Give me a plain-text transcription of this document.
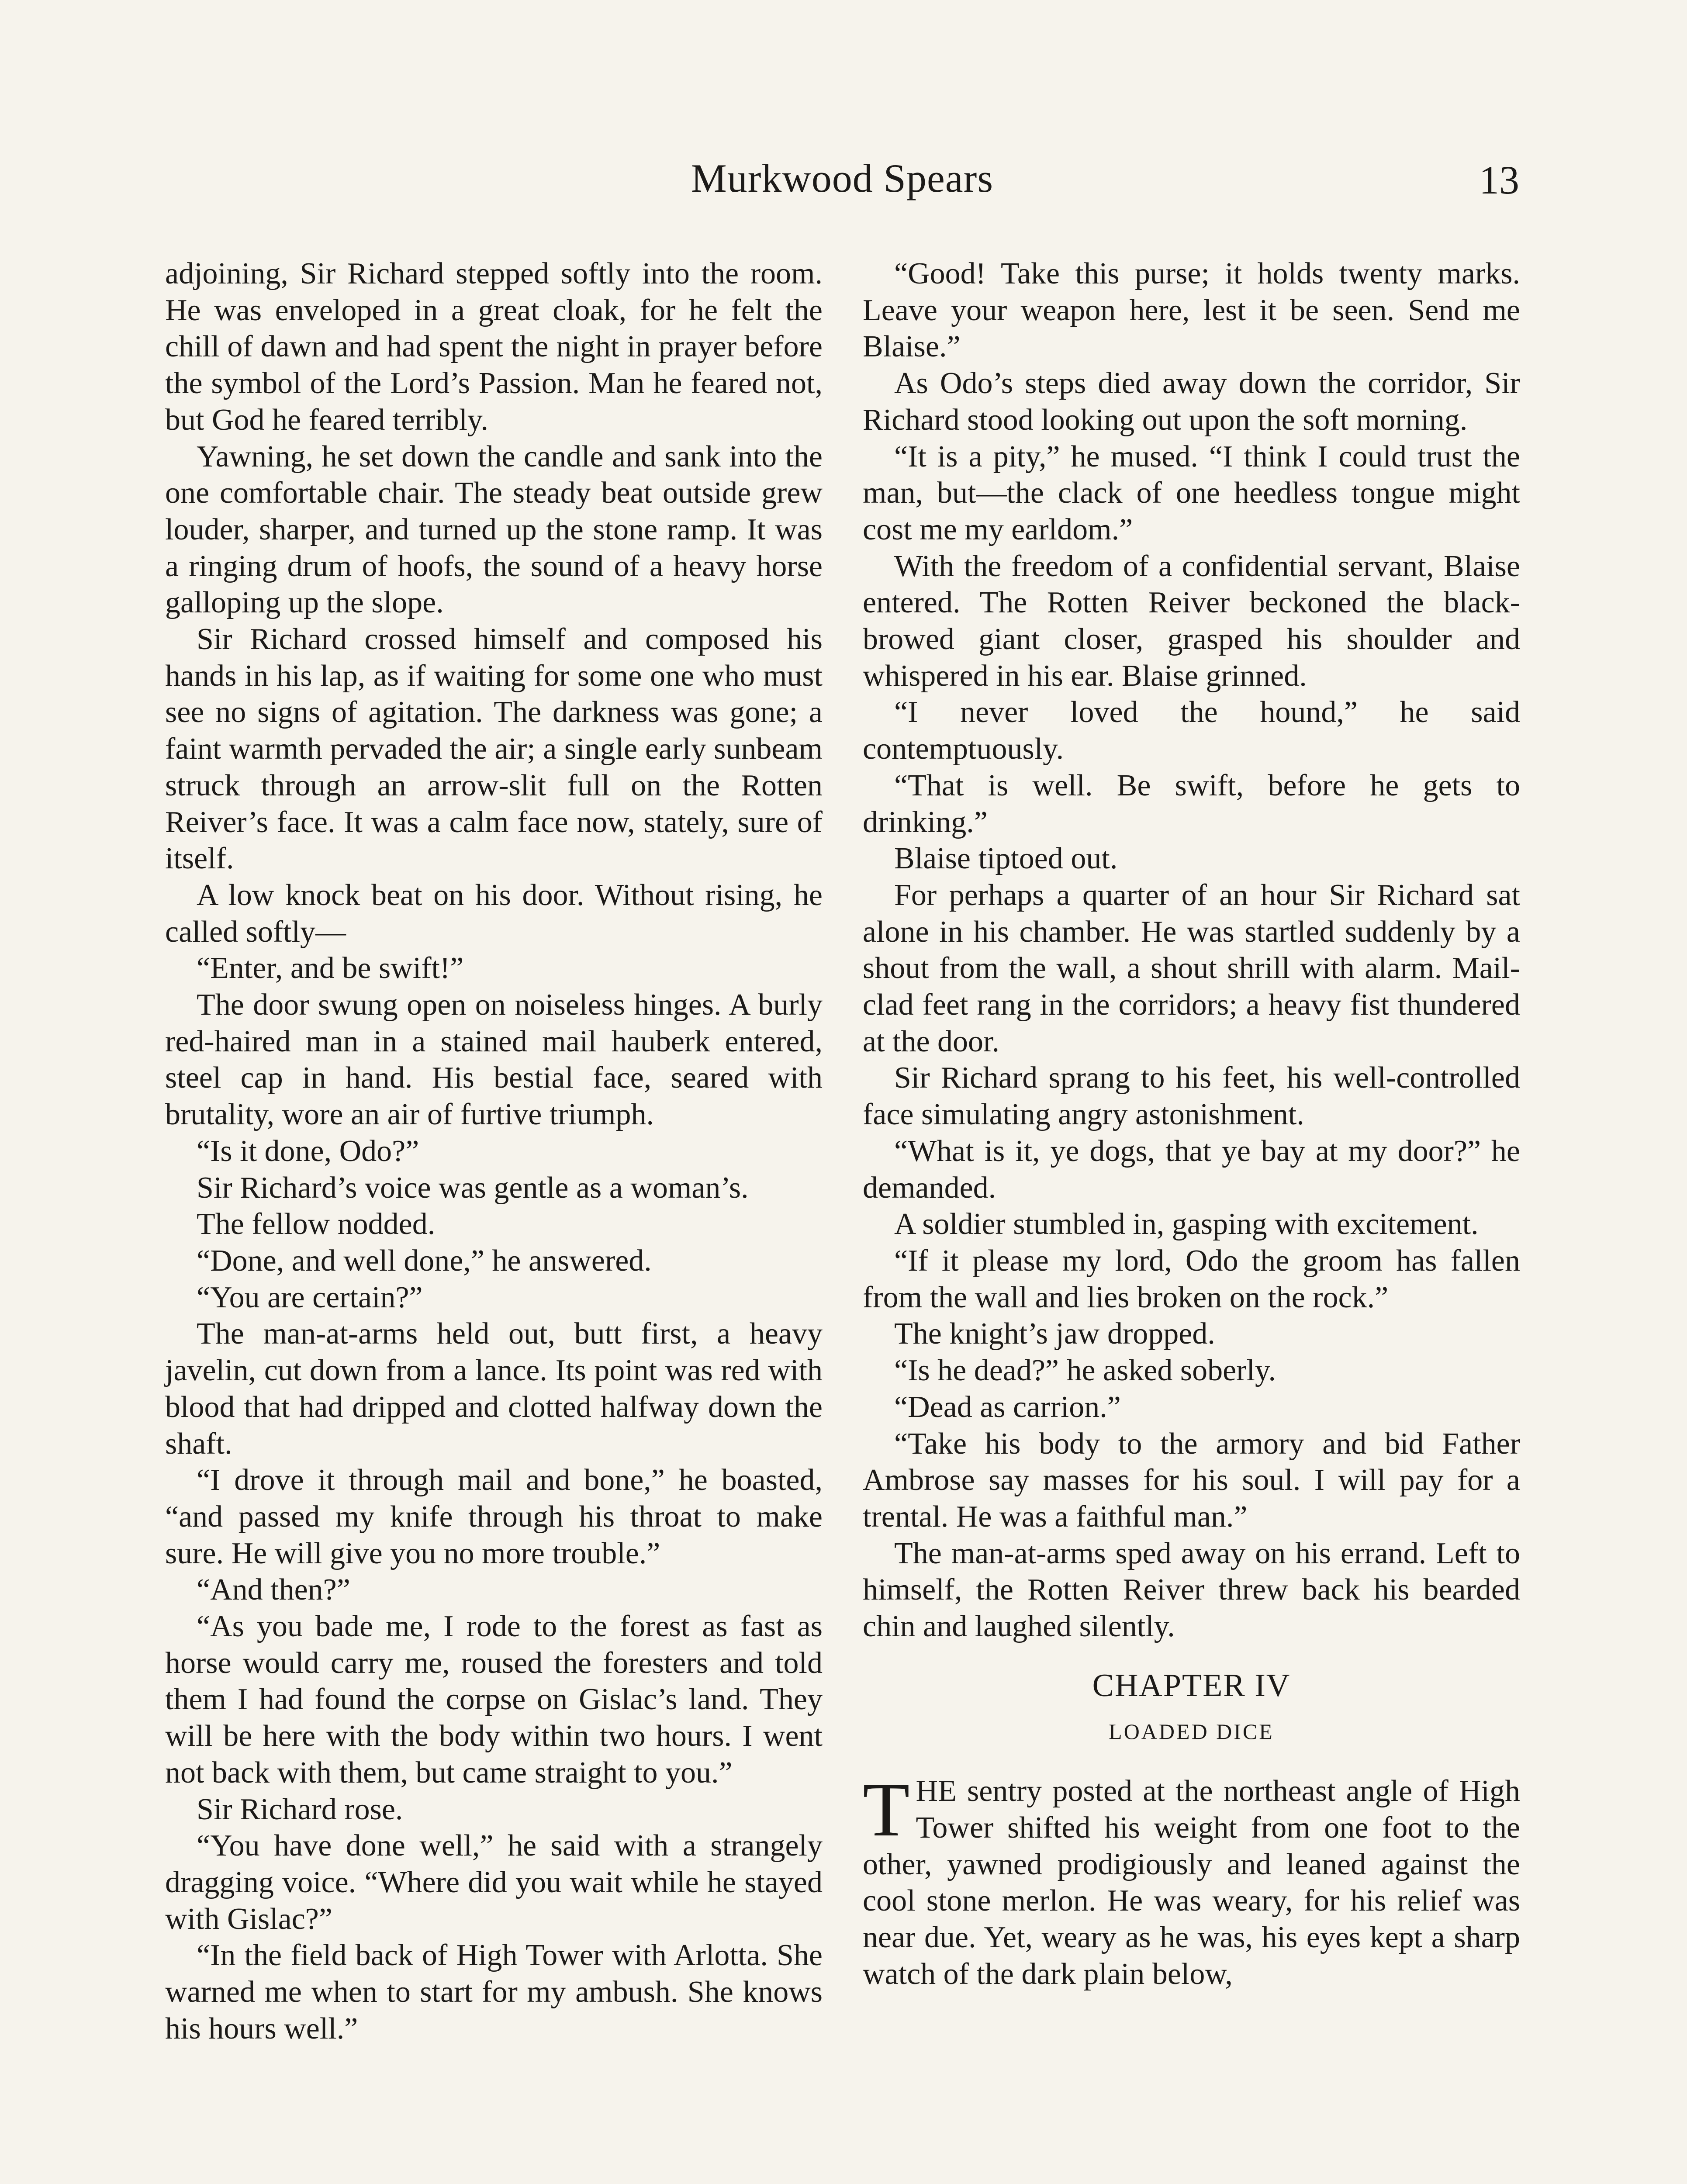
Murkwood Spears	13

adjoining, Sir Richard stepped softly into the room. He was enveloped in a great cloak, for he felt the chill of dawn and had spent the night in prayer before the symbol of the Lord’s Passion. Man he feared not, but God he feared terribly.

Yawning, he set down the candle and sank into the one comfortable chair. The steady beat outside grew louder, sharper, and turned up the stone ramp. It was a ringing drum of hoofs, the sound of a heavy horse galloping up the slope.

Sir Richard crossed himself and composed his hands in his lap, as if waiting for some one who must see no signs of agitation. The darkness was gone; a faint warmth pervaded the air; a single early sunbeam struck through an arrow-slit full on the Rotten Reiver’s face. It was a calm face now, stately, sure of itself.

A low knock beat on his door. Without rising, he called softly—

“Enter, and be swift!”

The door swung open on noiseless hinges. A burly red-haired man in a stained mail hauberk entered, steel cap in hand. His bestial face, seared with brutality, wore an air of furtive triumph.

“Is it done, Odo?”

Sir Richard’s voice was gentle as a woman’s.

The fellow nodded.

“Done, and well done,” he answered.

“You are certain?”

The man-at-arms held out, butt first, a heavy javelin, cut down from a lance. Its point was red with blood that had dripped and clotted halfway down the shaft.

“I drove it through mail and bone,” he boasted, “and passed my knife through his throat to make sure. He will give you no more trouble.”

“And then?”

“As you bade me, I rode to the forest as fast as horse would carry me, roused the foresters and told them I had found the corpse on Gislac’s land. They will be here with the body within two hours. I went not back with them, but came straight to you.”

Sir Richard rose.

“You have done well,” he said with a strangely dragging voice. “Where did you wait while he stayed with Gislac?”

“In the field back of High Tower with Arlotta. She warned me when to start for my ambush. She knows his hours well.”

“Good! Take this purse; it holds twenty marks. Leave your weapon here, lest it be seen. Send me Blaise.”

As Odo’s steps died away down the corridor, Sir Richard stood looking out upon the soft morning.

“It is a pity,” he mused. “I think I could trust the man, but—the clack of one heedless tongue might cost me my earldom.”

With the freedom of a confidential servant, Blaise entered. The Rotten Reiver beckoned the black-browed giant closer, grasped his shoulder and whispered in his ear. Blaise grinned.

“I never loved the hound,” he said contemptuously.

“That is well. Be swift, before he gets to drinking.”

Blaise tiptoed out.

For perhaps a quarter of an hour Sir Richard sat alone in his chamber. He was startled suddenly by a shout from the wall, a shout shrill with alarm. Mail-clad feet rang in the corridors; a heavy fist thundered at the door.

Sir Richard sprang to his feet, his well-controlled face simulating angry astonishment.

“What is it, ye dogs, that ye bay at my door?” he demanded.

A soldier stumbled in, gasping with excitement.

“If it please my lord, Odo the groom has fallen from the wall and lies broken on the rock.”

The knight’s jaw dropped.

“Is he dead?” he asked soberly.

“Dead as carrion.”

“Take his body to the armory and bid Father Ambrose say masses for his soul. I will pay for a trental. He was a faithful man.”

The man-at-arms sped away on his errand. Left to himself, the Rotten Reiver threw back his bearded chin and laughed silently.

CHAPTER IV
LOADED DICE

THE sentry posted at the northeast angle of High Tower shifted his weight from one foot to the other, yawned prodigiously and leaned against the cool stone merlon. He was weary, for his relief was near due. Yet, weary as he was, his eyes kept a sharp watch of the dark plain below,
